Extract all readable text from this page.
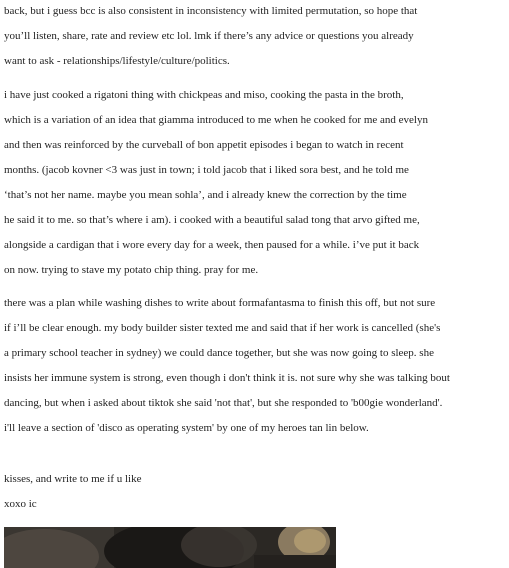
back, but i guess bcc is also consistent in inconsistency with limited permutation, so hope that
you’ll listen, share, rate and review etc lol. lmk if there’s any advice or questions you already
want to ask - relationships/lifestyle/culture/politics.
i have just cooked a rigatoni thing with chickpeas and miso, cooking the pasta in the broth,
which is a variation of an idea that giamma introduced to me when he cooked for me and evelyn
and then was reinforced by the curveball of bon appetit episodes i began to watch in recent
months. (jacob kovner <3 was just in town; i told jacob that i liked sora best, and he told me
‘that’s not her name. maybe you mean sohla’, and i already knew the correction by the time
he said it to me. so that’s where i am). i cooked with a beautiful salad tong that arvo gifted me,
alongside a cardigan that i wore every day for a week, then paused for a while. i’ve put it back
on now. trying to stave my potato chip thing. pray for me.
there was a plan while washing dishes to write about formafantasma to finish this off, but not sure
if i’ll be clear enough. my body builder sister texted me and said that if her work is cancelled (she's
a primary school teacher in sydney) we could dance together, but she was now going to sleep. she
insists her immune system is strong, even though i don't think it is. not sure why she was talking bout
dancing, but when i asked about tiktok she said 'not that', but she responded to 'b00gie wonderland'.
i'll leave a section of 'disco as operating system' by one of my heroes tan lin below.
kisses, and write to me if u like
xoxo ic
